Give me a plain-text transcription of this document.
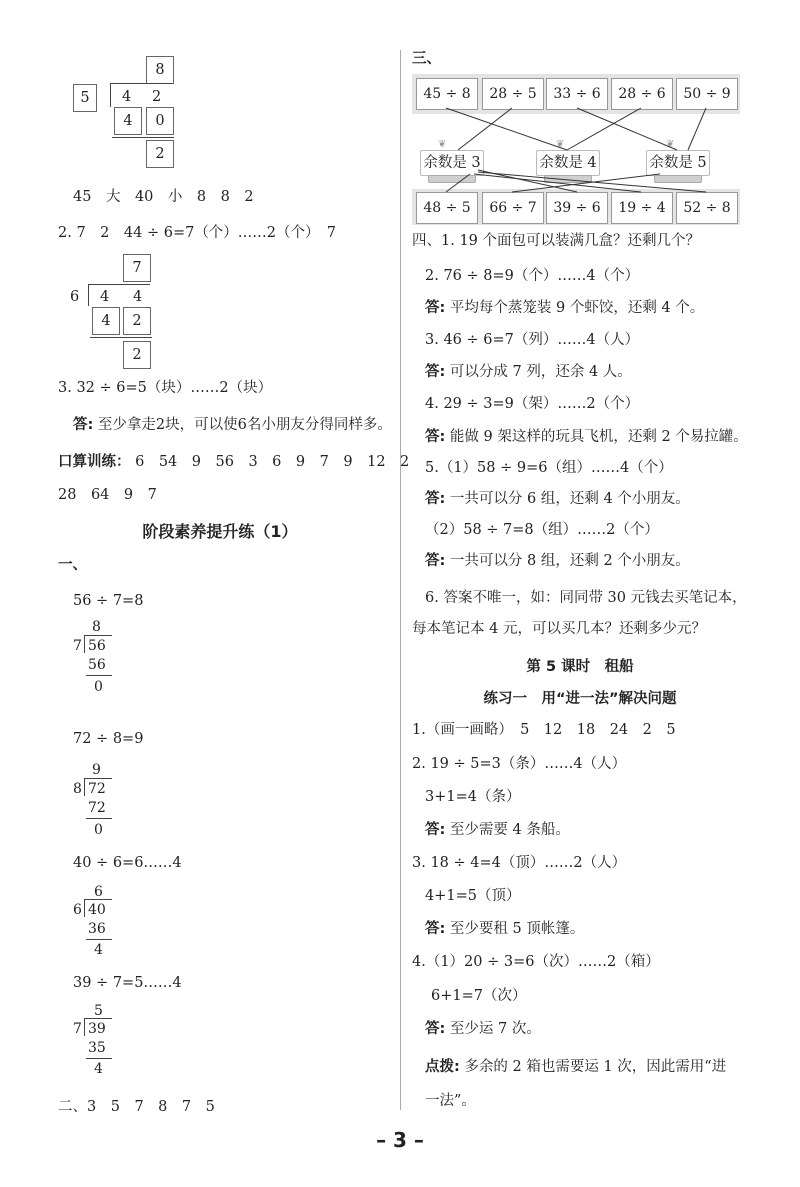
8
5	4 2
4	0
2
45　大　40　小　8　8　2
2. 7　2　44 ÷ 6=7（个）……2（个）　7
7
6 4 4
4	2
2
3. 32 ÷ 6=5（块）……2（块）
答: 至少拿走2块，可以使6名小朋友分得同样多。
口算训练： 6　54　9　56　3　6　9　7　9　12　2
28　64　9　7
阶段素养提升练（1）
一、
56 ÷ 7=8
8
7 56
56
0
72 ÷ 8=9
9
8 72
72
0
40 ÷ 6=6……4
6
6 40
36
4
39 ÷ 7=5……4
5
7 39
35
4
二、3　5　7　8　7　5
三、
45 ÷ 8	28 ÷ 5	33 ÷ 6	28 ÷ 6	50 ÷ 9
❦
余数是 3
❦
余数是 4
❦
余数是 5
48 ÷ 5	66 ÷ 7	39 ÷ 6	19 ÷ 4	52 ÷ 8
四、1. 19 个面包可以装满几盒？还剩几个？
2. 76 ÷ 8=9（个）……4（个）
答: 平均每个蒸笼装 9 个虾饺，还剩 4 个。
3. 46 ÷ 6=7（列）……4（人）
答: 可以分成 7 列，还余 4 人。
4. 29 ÷ 3=9（架）……2（个）
答: 能做 9 架这样的玩具飞机，还剩 2 个易拉罐。
5.（1）58 ÷ 9=6（组）……4（个）
答: 一共可以分 6 组，还剩 4 个小朋友。
（2）58 ÷ 7=8（组）……2（个）
答: 一共可以分 8 组，还剩 2 个小朋友。
6. 答案不唯一，如：同同带 30 元钱去买笔记本，
每本笔记本 4 元，可以买几本？还剩多少元？
第 5 课时　租船
练习一　用“进一法”解决问题
1.（画一画略）　5　12　18　24　2　5
2. 19 ÷ 5=3（条）……4（人）
3+1=4（条）
答: 至少需要 4 条船。
3. 18 ÷ 4=4（顶）……2（人）
4+1=5（顶）
答: 至少要租 5 顶帐篷。
4.（1）20 ÷ 3=6（次）……2（箱）
6+1=7（次）
答: 至少运 7 次。
点拨: 多余的 2 箱也需要运 1 次，因此需用“进
一法”。
– 3 –
